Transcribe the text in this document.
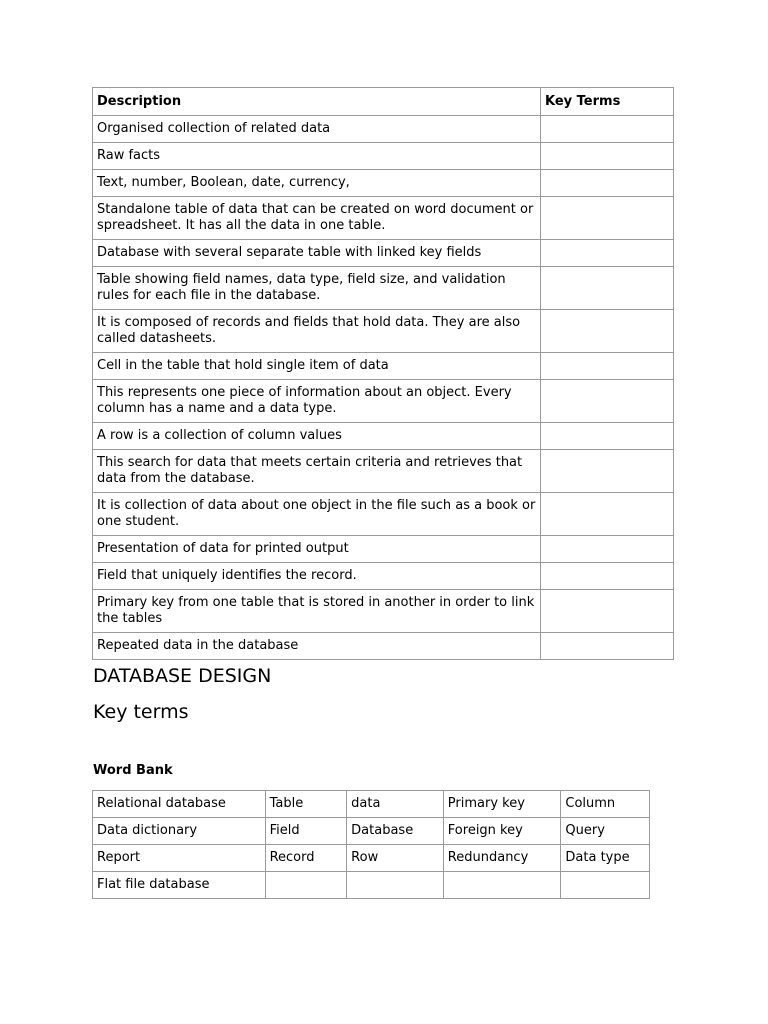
Description	Key Terms
Organised collection of related data	
Raw facts	
Text, number, Boolean, date, currency,	
Standalone table of data that can be created on word document or spreadsheet. It has all the data in one table.	
Database with several separate table with linked key fields	
Table showing field names, data type, field size, and validation rules for each file in the database.	
It is composed of records and fields that hold data. They are also called datasheets.	
Cell in the table that hold single item of data	
This represents one piece of information about an object. Every column has a name and a data type.	
A row is a collection of column values	
This search for data that meets certain criteria and retrieves that data from the database.	
It is collection of data about one object in the file such as a book or one student.	
Presentation of data for printed output	
Field that uniquely identifies the record.	
Primary key from one table that is stored in another in order to link the tables	
Repeated data in the database	
DATABASE DESIGN
Key terms

Word Bank

Relational database	Table	data	Primary key	Column
Data dictionary	Field	Database	Foreign key	Query
Report	Record	Row	Redundancy	Data type
Flat file database				
